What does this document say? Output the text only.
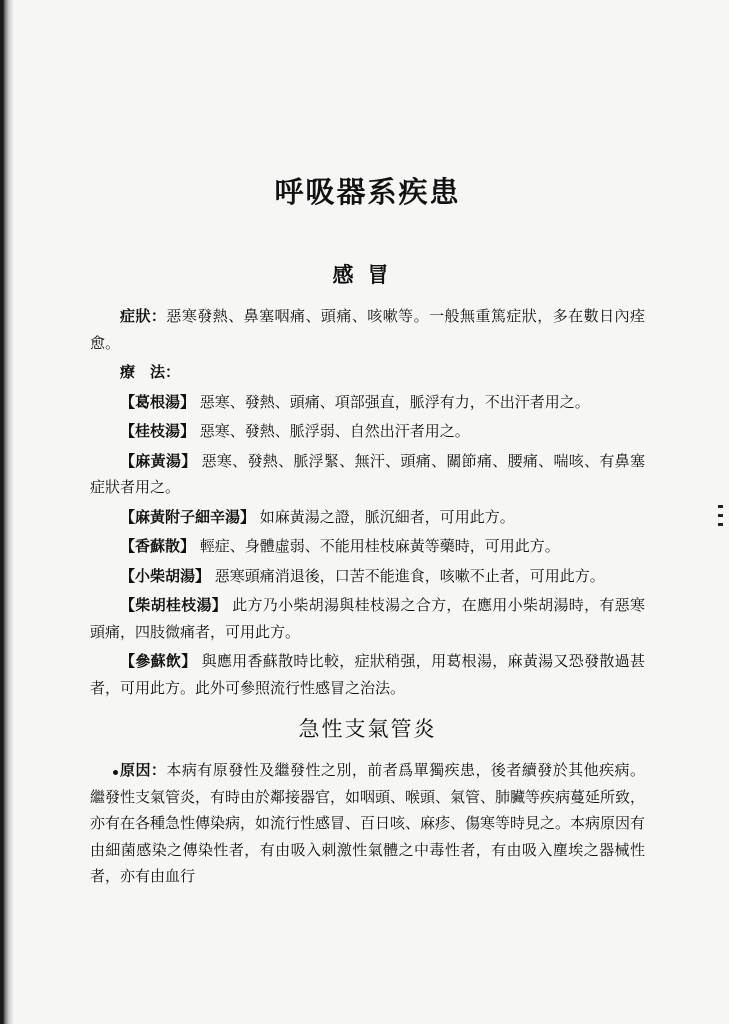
呼吸器系疾患
感冒

症狀：惡寒發熱、鼻塞咽痛、頭痛、咳嗽等。一般無重篤症狀，多在數日內痊愈。

療　法：

【葛根湯】 惡寒、發熱、頭痛、項部强直，脈浮有力，不出汗者用之。

【桂枝湯】 惡寒、發熱、脈浮弱、自然出汗者用之。

【麻黃湯】 惡寒、發熱、脈浮緊、無汗、頭痛、關節痛、腰痛、喘咳、有鼻塞症狀者用之。

【麻黃附子細辛湯】 如麻黃湯之證，脈沉細者，可用此方。

【香蘇散】 輕症、身體虛弱、不能用桂枝麻黃等藥時，可用此方。

【小柴胡湯】 惡寒頭痛消退後，口苦不能進食，咳嗽不止者，可用此方。

【柴胡桂枝湯】 此方乃小柴胡湯與桂枝湯之合方，在應用小柴胡湯時，有惡寒頭痛，四肢微痛者，可用此方。

【參蘇飲】 與應用香蘇散時比較，症狀稍强，用葛根湯，麻黃湯又恐發散過甚者，可用此方。此外可參照流行性感冒之治法。

急性支氣管炎

原因：本病有原發性及繼發性之別，前者爲單獨疾患，後者續發於其他疾病。繼發性支氣管炎，有時由於鄰接器官，如咽頭、喉頭、氣管、肺臟等疾病蔓延所致，亦有在各種急性傳染病，如流行性感冒、百日咳、麻疹、傷寒等時見之。本病原因有由細菌感染之傳染性者，有由吸入刺激性氣體之中毒性者，有由吸入塵埃之器械性者，亦有由血行
